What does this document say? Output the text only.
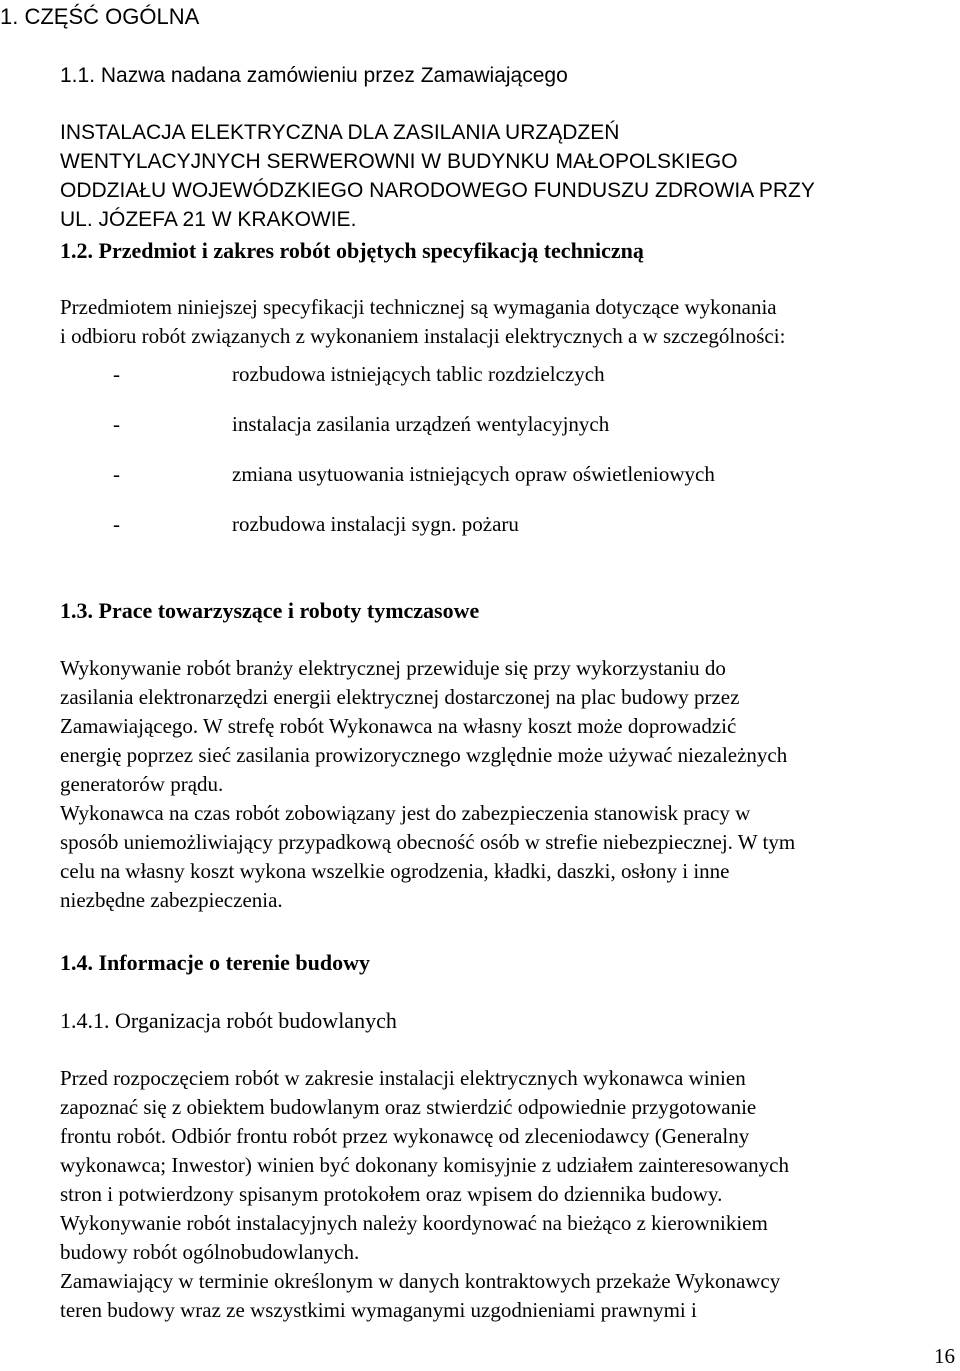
1. CZĘŚĆ OGÓLNA
1.1. Nazwa nadana zamówieniu przez Zamawiającego
INSTALACJA ELEKTRYCZNA DLA ZASILANIA URZĄDZEŃ
WENTYLACYJNYCH SERWEROWNI W BUDYNKU MAŁOPOLSKIEGO
ODDZIAŁU WOJEWÓDZKIEGO NARODOWEGO FUNDUSZU ZDROWIA PRZY
UL. JÓZEFA 21 W KRAKOWIE.
1.2. Przedmiot i zakres robót objętych specyfikacją techniczną
Przedmiotem niniejszej specyfikacji technicznej są wymagania dotyczące wykonania
i odbioru robót związanych z wykonaniem instalacji elektrycznych a w szczególności:
-	rozbudowa istniejących tablic rozdzielczych
-	instalacja zasilania urządzeń wentylacyjnych
-	zmiana usytuowania istniejących opraw oświetleniowych
-	rozbudowa instalacji sygn. pożaru
1.3. Prace towarzyszące i roboty tymczasowe
Wykonywanie robót branży elektrycznej przewiduje się przy wykorzystaniu do
zasilania elektronarzędzi energii elektrycznej dostarczonej na plac budowy przez
Zamawiającego. W strefę robót Wykonawca na własny koszt może doprowadzić
energię poprzez sieć zasilania prowizorycznego względnie może używać niezależnych
generatorów prądu.
Wykonawca na czas robót zobowiązany jest do zabezpieczenia stanowisk pracy w
sposób uniemożliwiający przypadkową obecność osób w strefie niebezpiecznej. W tym
celu na własny koszt wykona wszelkie ogrodzenia, kładki, daszki, osłony i inne
niezbędne zabezpieczenia.
1.4. Informacje o terenie budowy
1.4.1. Organizacja robót budowlanych
Przed rozpoczęciem robót w zakresie instalacji elektrycznych wykonawca winien
zapoznać się z obiektem budowlanym oraz stwierdzić odpowiednie przygotowanie
frontu robót. Odbiór frontu robót przez wykonawcę od zleceniodawcy (Generalny
wykonawca; Inwestor) winien być dokonany komisyjnie z udziałem zainteresowanych
stron i potwierdzony spisanym protokołem oraz wpisem do dziennika budowy.
Wykonywanie robót instalacyjnych należy koordynować na bieżąco z kierownikiem
budowy robót ogólnobudowlanych.
Zamawiający w terminie określonym w danych kontraktowych przekaże Wykonawcy
teren budowy wraz ze wszystkimi wymaganymi uzgodnieniami prawnymi i
16
